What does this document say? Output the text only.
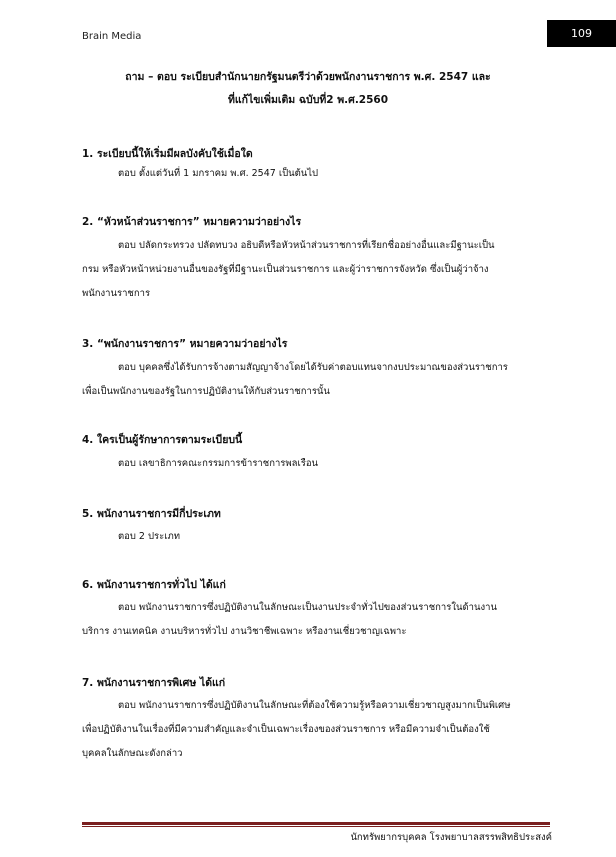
Brain Media	109
ถาม – ตอบ ระเบียบสำนักนายกรัฐมนตรีว่าด้วยพนักงานราชการ พ.ศ. 2547 และ
ที่แก้ไขเพิ่มเติม ฉบับที่2 พ.ศ.2560
1. ระเบียบนี้ให้เริ่มมีผลบังคับใช้เมื่อใด
ตอบ ตั้งแต่วันที่ 1 มกราคม พ.ศ. 2547 เป็นต้นไป
2. “หัวหน้าส่วนราชการ” หมายความว่าอย่างไร
ตอบ ปลัดกระทรวง ปลัดทบวง อธิบดีหรือหัวหน้าส่วนราชการที่เรียกชื่ออย่างอื่นและมีฐานะเป็น
กรม หรือหัวหน้าหน่วยงานอื่นของรัฐที่มีฐานะเป็นส่วนราชการ และผู้ว่าราชการจังหวัด ซึ่งเป็นผู้ว่าจ้าง
พนักงานราชการ
3. “พนักงานราชการ” หมายความว่าอย่างไร
ตอบ บุคคลซึ่งได้รับการจ้างตามสัญญาจ้างโดยได้รับค่าตอบแทนจากงบประมาณของส่วนราชการ
เพื่อเป็นพนักงานของรัฐในการปฏิบัติงานให้กับส่วนราชการนั้น
4. ใครเป็นผู้รักษาการตามระเบียบนี้
ตอบ เลขาธิการคณะกรรมการข้าราชการพลเรือน
5. พนักงานราชการมีกี่ประเภท
ตอบ 2 ประเภท
6. พนักงานราชการทั่วไป ได้แก่
ตอบ พนักงานราชการซึ่งปฏิบัติงานในลักษณะเป็นงานประจำทั่วไปของส่วนราชการในด้านงาน
บริการ งานเทคนิค งานบริหารทั่วไป งานวิชาชีพเฉพาะ หรืองานเชี่ยวชาญเฉพาะ
7. พนักงานราชการพิเศษ ได้แก่
ตอบ พนักงานราชการซึ่งปฏิบัติงานในลักษณะที่ต้องใช้ความรู้หรือความเชี่ยวชาญสูงมากเป็นพิเศษ
เพื่อปฏิบัติงานในเรื่องที่มีความสำคัญและจำเป็นเฉพาะเรื่องของส่วนราชการ หรือมีความจำเป็นต้องใช้
บุคคลในลักษณะดังกล่าว
นักทรัพยากรบุคคล โรงพยาบาลสรรพสิทธิประสงค์
